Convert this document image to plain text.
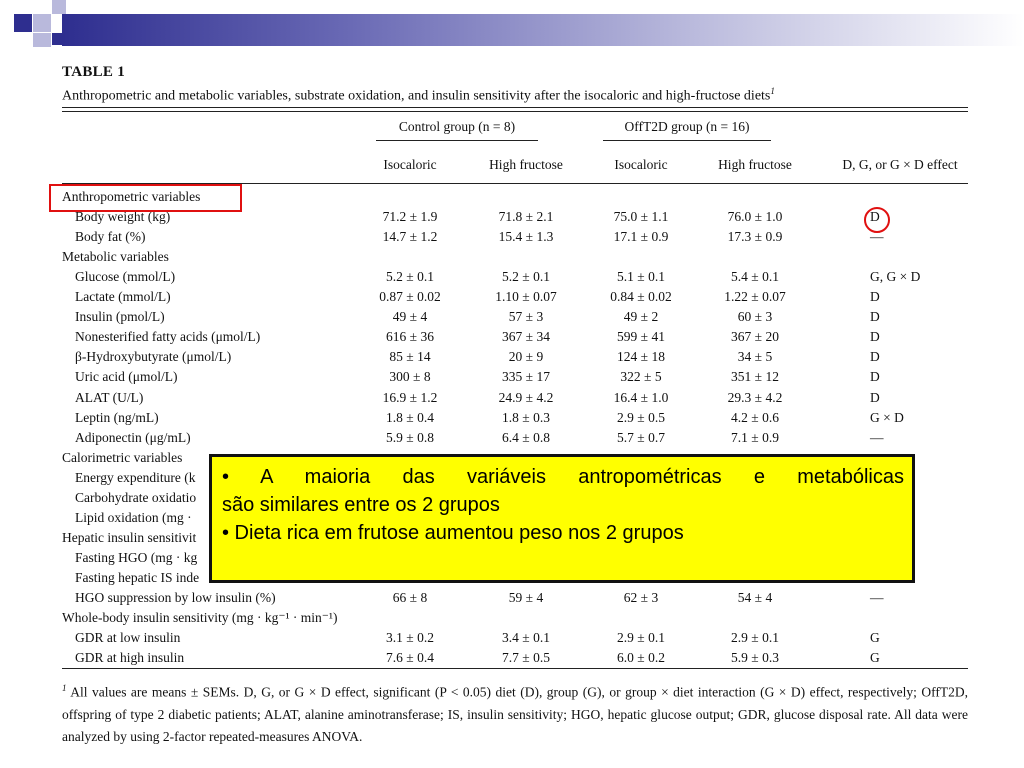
TABLE 1
Anthropometric and metabolic variables, substrate oxidation, and insulin sensitivity after the isocaloric and high-fructose diets$^1$
Control group (n = 8)	OffT2D group (n = 16)
Isocaloric	High fructose	Isocaloric	High fructose	D, G, or G × D effect
Anthropometric variables
Body weight (kg)	71.2 ± 1.9	71.8 ± 2.1	75.0 ± 1.1	76.0 ± 1.0	D
Body fat (%)	14.7 ± 1.2	15.4 ± 1.3	17.1 ± 0.9	17.3 ± 0.9	—
Metabolic variables
Glucose (mmol/L)	5.2 ± 0.1	5.2 ± 0.1	5.1 ± 0.1	5.4 ± 0.1	G, G × D
Lactate (mmol/L)	0.87 ± 0.02	1.10 ± 0.07	0.84 ± 0.02	1.22 ± 0.07	D
Insulin (pmol/L)	49 ± 4	57 ± 3	49 ± 2	60 ± 3	D
Nonesterified fatty acids (μmol/L)	616 ± 36	367 ± 34	599 ± 41	367 ± 20	D
β-Hydroxybutyrate (μmol/L)	85 ± 14	20 ± 9	124 ± 18	34 ± 5	D
Uric acid (μmol/L)	300 ± 8	335 ± 17	322 ± 5	351 ± 12	D
ALAT (U/L)	16.9 ± 1.2	24.9 ± 4.2	16.4 ± 1.0	29.3 ± 4.2	D
Leptin (ng/mL)	1.8 ± 0.4	1.8 ± 0.3	2.9 ± 0.5	4.2 ± 0.6	G × D
Adiponectin (μg/mL)	5.9 ± 0.8	6.4 ± 0.8	5.7 ± 0.7	7.1 ± 0.9	—
Calorimetric variables
Energy expenditure (k
Carbohydrate oxidatio
Lipid oxidation (mg ·
Hepatic insulin sensitivit
Fasting HGO (mg · kg
Fasting hepatic IS inde
HGO suppression by low insulin (%)	66 ± 8	59 ± 4	62 ± 3	54 ± 4	—
Whole-body insulin sensitivity (mg · kg⁻¹ · min⁻¹)
GDR at low insulin	3.1 ± 0.2	3.4 ± 0.1	2.9 ± 0.1	2.9 ± 0.1	G
GDR at high insulin	7.6 ± 0.4	7.7 ± 0.5	6.0 ± 0.2	5.9 ± 0.3	G
$^1$ All values are means ± SEMs. D, G, or G × D effect, significant (P < 0.05) diet (D), group (G), or group × diet interaction (G × D) effect, respectively; OffT2D, offspring of type 2 diabetic patients; ALAT, alanine aminotransferase; IS, insulin sensitivity; HGO, hepatic glucose output; GDR, glucose disposal rate. All data were analyzed by using 2-factor repeated-measures ANOVA.
• A maioria das variáveis antropométricas e metabólicas
são similares entre os 2 grupos
• Dieta rica em frutose aumentou peso nos 2 grupos
